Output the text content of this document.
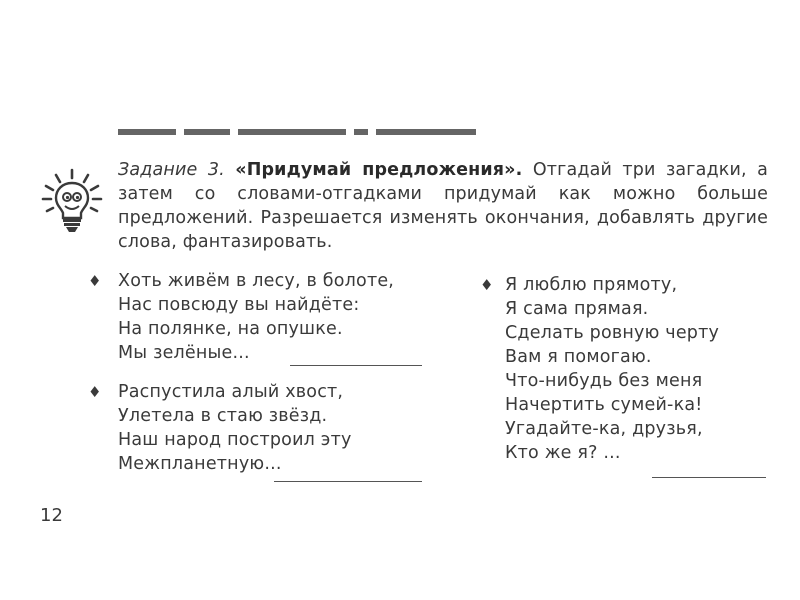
Задание 3. «Придумай предложения». Отгадай три загадки, а затем со словами-отгадками придумай как можно больше предложений. Разрешается изменять окончания, добавлять другие слова, фантазировать.
♦ Хоть живём в лесу, в болоте,
Нас повсюду вы найдёте:
На полянке, на опушке.
Мы зелёные...
♦ Распустила алый хвост,
Улетела в стаю звёзд.
Наш народ построил эту
Межпланетную...
♦ Я люблю прямоту,
Я сама прямая.
Сделать ровную черту
Вам я помогаю.
Что-нибудь без меня
Начертить сумей-ка!
Угадайте-ка, друзья,
Кто же я? ...
12
